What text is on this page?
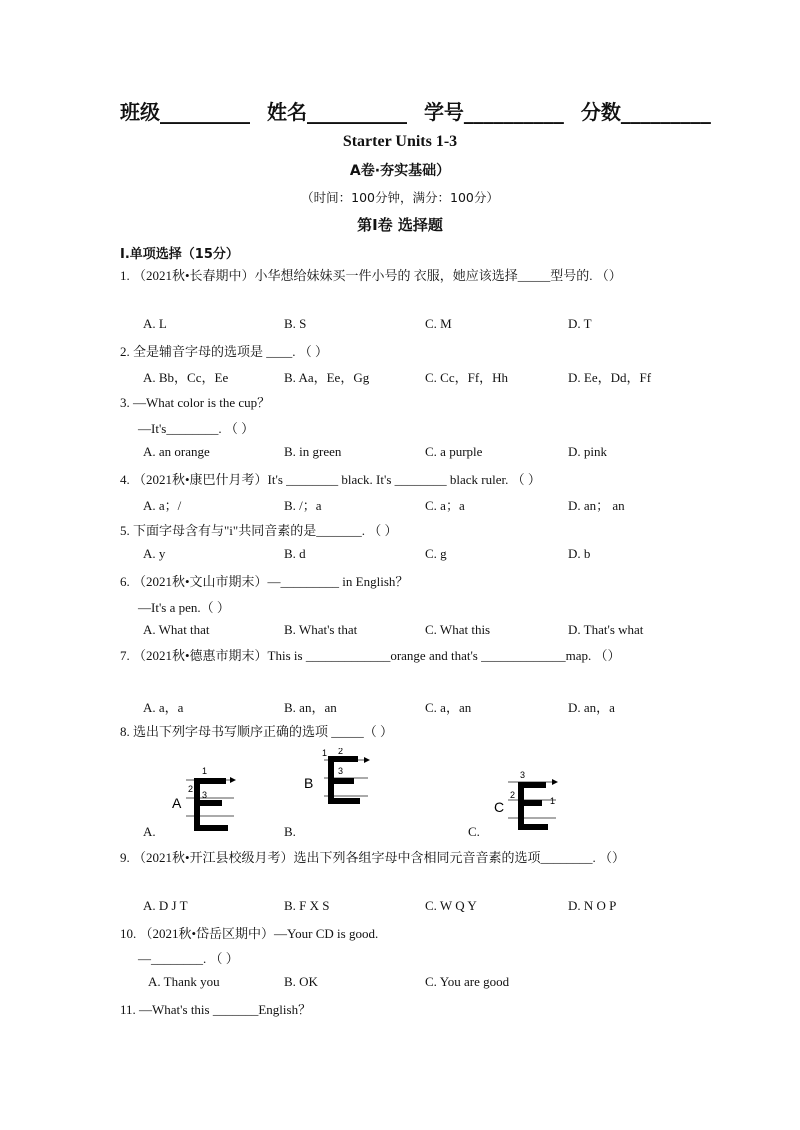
班级_________ 姓名__________ 学号__________ 分数_________
Starter Units 1-3
A卷·夯实基础）
（时间：100分钟，满分：100分）
第Ⅰ卷 选择题
I.单项选择（15分）
1. （2021秋•长春期中）小华想给妹妹买一件小号的 衣服，她应该选择_____型号的. （）
A. L	B. S	C. M	D. T
2. 全是辅音字母的选项是 ____. （ ）
A. Bb，Cc，Ee	B. Aa，Ee，Gg	C. Cc，Ff，Hh	D. Ee，Dd，Ff
3. —What color is the cup？
—It's________. （ ）
A. an orange	B. in green	C. a purple	D. pink
4. （2021秋•康巴什月考）It's ________ black. It's ________ black ruler. （ ）
A. a；/	B. /；a	C. a；a	D. an； an
5. 下面字母含有与"i"共同音素的是_______. （ ）
A. y	B. d	C. g	D. b
6. （2021秋•文山市期末）—_________ in English？
—It's a pen.（ ）
A. What that	B. What's that	C. What this	D. That's what
7. （2021秋•德惠市期末）This is _____________orange and that's _____________map. （）
A. a，a	B. an，an	C. a，an	D. an，a
8. 选出下列字母书写顺序正确的选项 _____（ ）
1
2
3
A
1 2
3
B	3
2
1
C
A.	B.	C.
9. （2021秋•开江县校级月考）选出下列各组字母中含相同元音音素的选项________. （）
A. D J T	B. F X S	C. W Q Y	D. N O P
10. （2021秋•岱岳区期中）—Your CD is good.
—________. （ ）
A. Thank you	B. OK	C. You are good
11. —What's this _______English？
